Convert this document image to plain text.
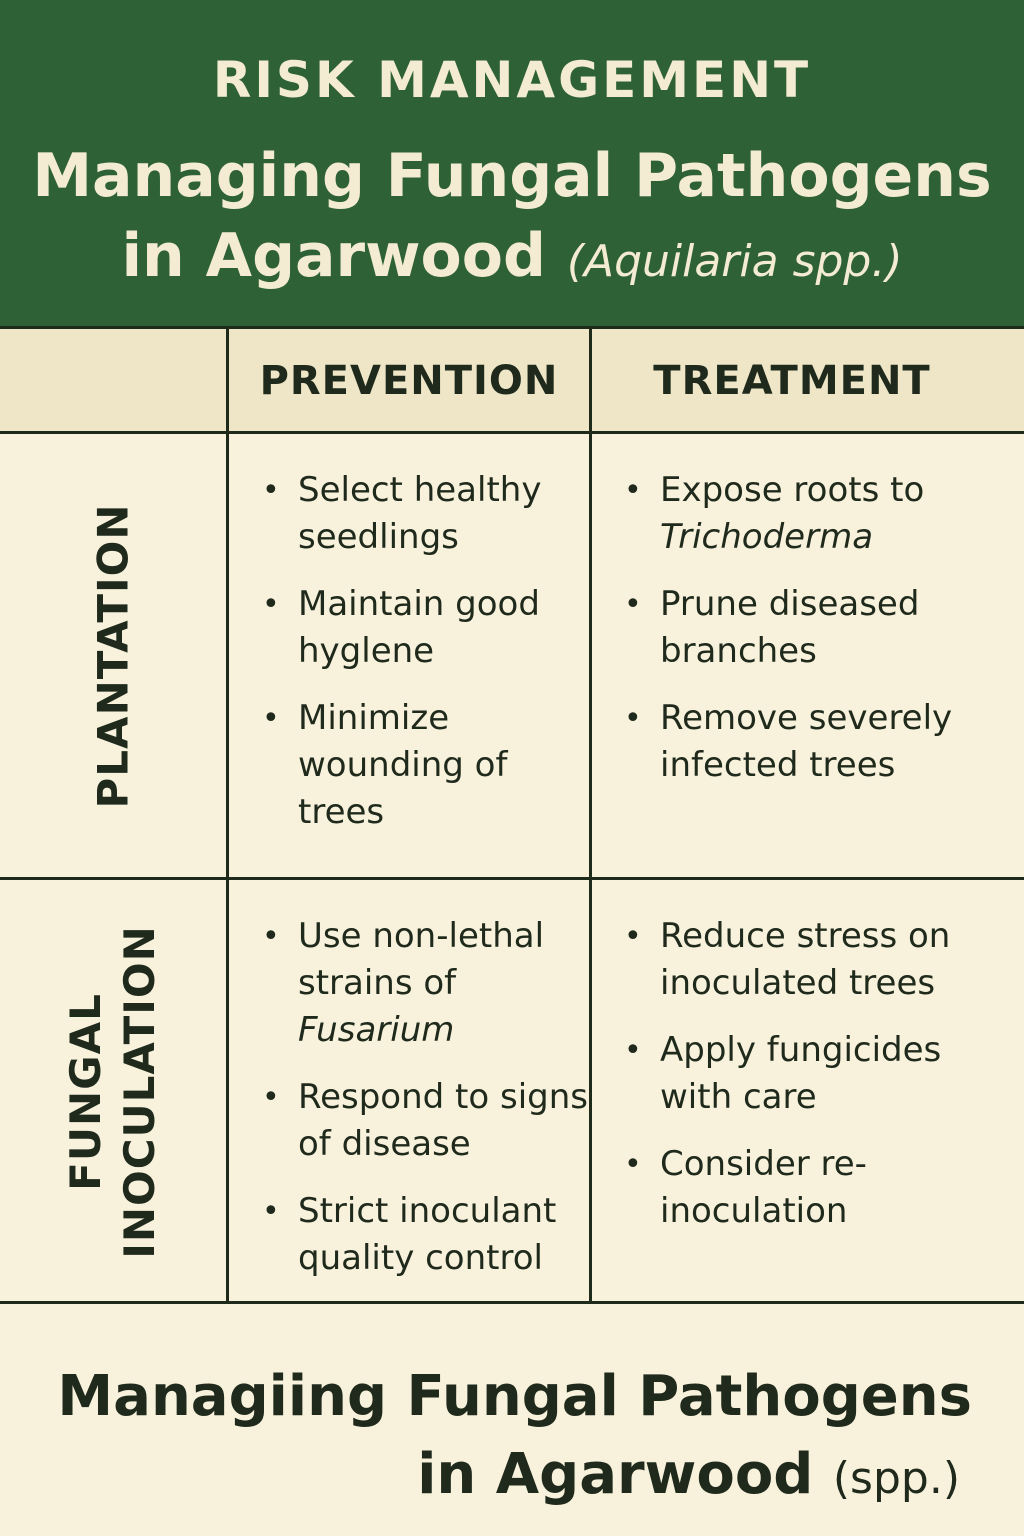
RISK MANAGEMENT
Managing Fungal Pathogens
in Agarwood (Aquilaria spp.)
PREVENTION	TREATMENT
PLANTATION
• Select healthy seedlings
• Maintain good hyglene
• Minimize wounding of trees
• Expose roots to
Trichoderma
• Prune diseased branches
• Remove severely infected trees
FUNGAL INOCULATION
•	Use non-lethal strains of
Fusarium
• Respond to signs of disease
• Strict inoculant quality control
• Reduce stress on inoculated trees
• Apply fungicides with care
• Consider re-inoculation
Managiing Fungal Pathogens
in Agarwood (spp.)
